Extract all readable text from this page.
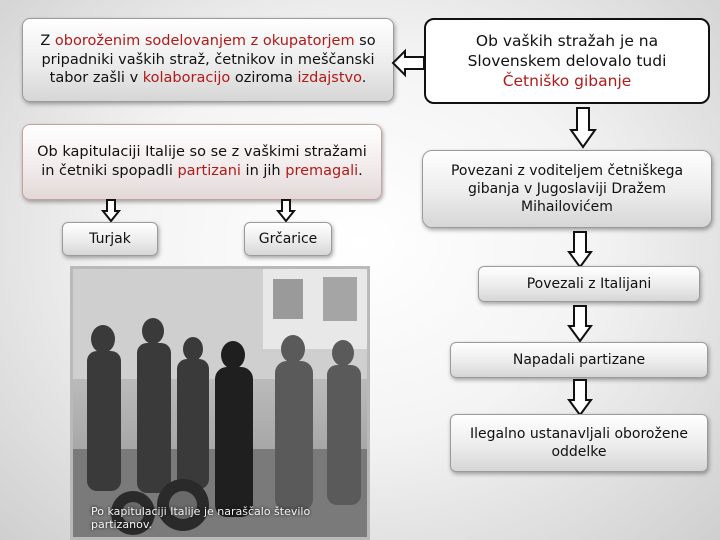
Z oboroženim sodelovanjem z okupatorjem so pripadniki vaških straž, četnikov in meščanski tabor zašli v kolaboracijo oziroma izdajstvo.
Ob vaških stražah je na
Slovenskem delovalo tudi
Četniško gibanje
Ob kapitulaciji Italije so se z vaškimi stražami in četniki spopadli partizani in jih premagali.
Turjak	Grčarice
Povezani z voditeljem četniškega gibanja v Jugoslaviji Dražem Mihailovićem
Povezali z Italijani
Napadali partizane
Ilegalno ustanavljali oborožene oddelke
Po kapitulaciji Italije je naraščalo število partizanov.
